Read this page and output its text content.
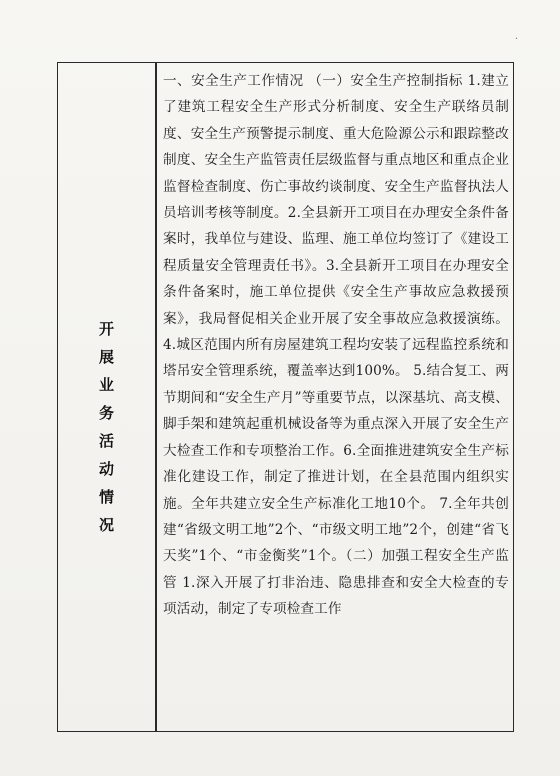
·
开
展
业
务
活
动
情
况
一、安全生产工作情况 （一）安全生产控制指标 1.建立了建筑工程安全生产形式分析制度、安全生产联络员制度、安全生产预警提示制度、重大危险源公示和跟踪整改制度、安全生产监管责任层级监督与重点地区和重点企业监督检查制度、伤亡事故约谈制度、安全生产监督执法人员培训考核等制度。2.全县新开工项目在办理安全条件备案时，我单位与建设、监理、施工单位均签订了《建设工程质量安全管理责任书》。3.全县新开工项目在办理安全条件备案时，施工单位提供《安全生产事故应急救援预案》，我局督促相关企业开展了安全事故应急救援演练。4.城区范围内所有房屋建筑工程均安装了远程监控系统和塔吊安全管理系统，覆盖率达到100%。 5.结合复工、两节期间和“安全生产月”等重要节点，以深基坑、高支模、脚手架和建筑起重机械设备等为重点深入开展了安全生产大检查工作和专项整治工作。6.全面推进建筑安全生产标准化建设工作，制定了推进计划，在全县范围内组织实施。全年共建立安全生产标准化工地10个。 7.全年共创建“省级文明工地”2个、“市级文明工地”2个，创建“省飞天奖”1个、“市金衡奖”1个。（二）加强工程安全生产监管 1.深入开展了打非治违、隐患排查和安全大检查的专项活动，制定了专项检查工作
